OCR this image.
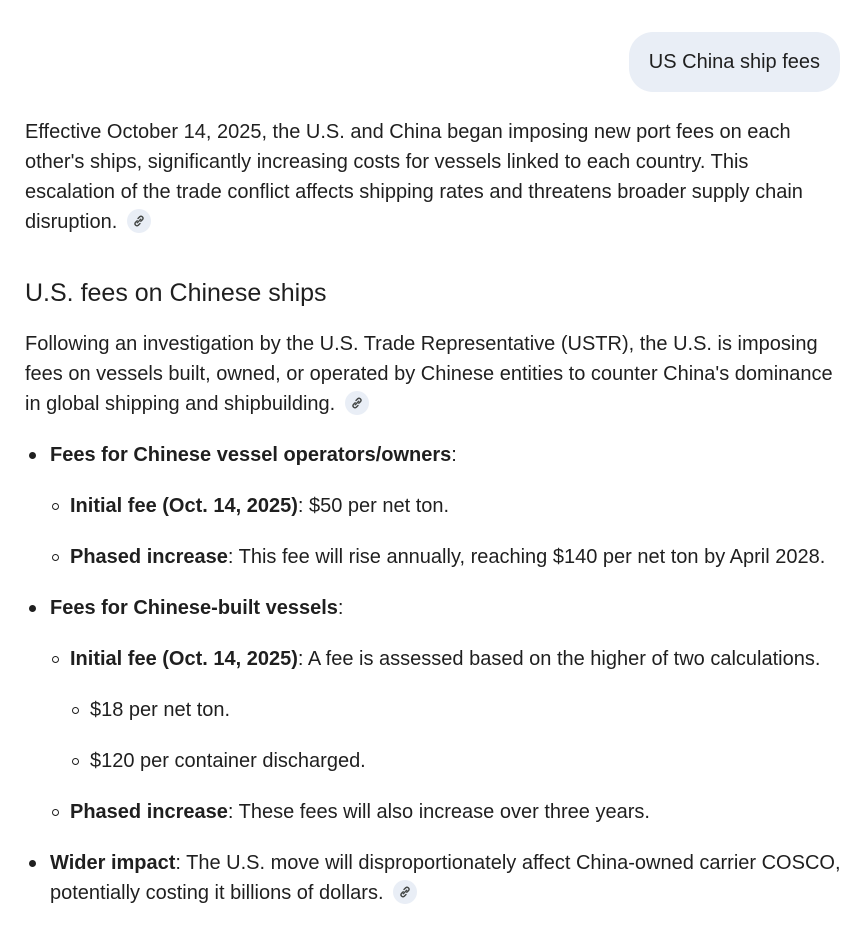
US China ship fees

Effective October 14, 2025, the U.S. and China began imposing new port fees on each other's ships, significantly increasing costs for vessels linked to each country. This escalation of the trade conflict affects shipping rates and threatens broader supply chain disruption.

U.S. fees on Chinese ships

Following an investigation by the U.S. Trade Representative (USTR), the U.S. is imposing fees on vessels built, owned, or operated by Chinese entities to counter China's dominance in global shipping and shipbuilding.

Fees for Chinese vessel operators/owners:
Initial fee (Oct. 14, 2025): $50 per net ton.
Phased increase: This fee will rise annually, reaching $140 per net ton by April 2028.
Fees for Chinese-built vessels:
Initial fee (Oct. 14, 2025): A fee is assessed based on the higher of two calculations.
$18 per net ton.
$120 per container discharged.
Phased increase: These fees will also increase over three years.
Wider impact: The U.S. move will disproportionately affect China-owned carrier COSCO, potentially costing it billions of dollars.
